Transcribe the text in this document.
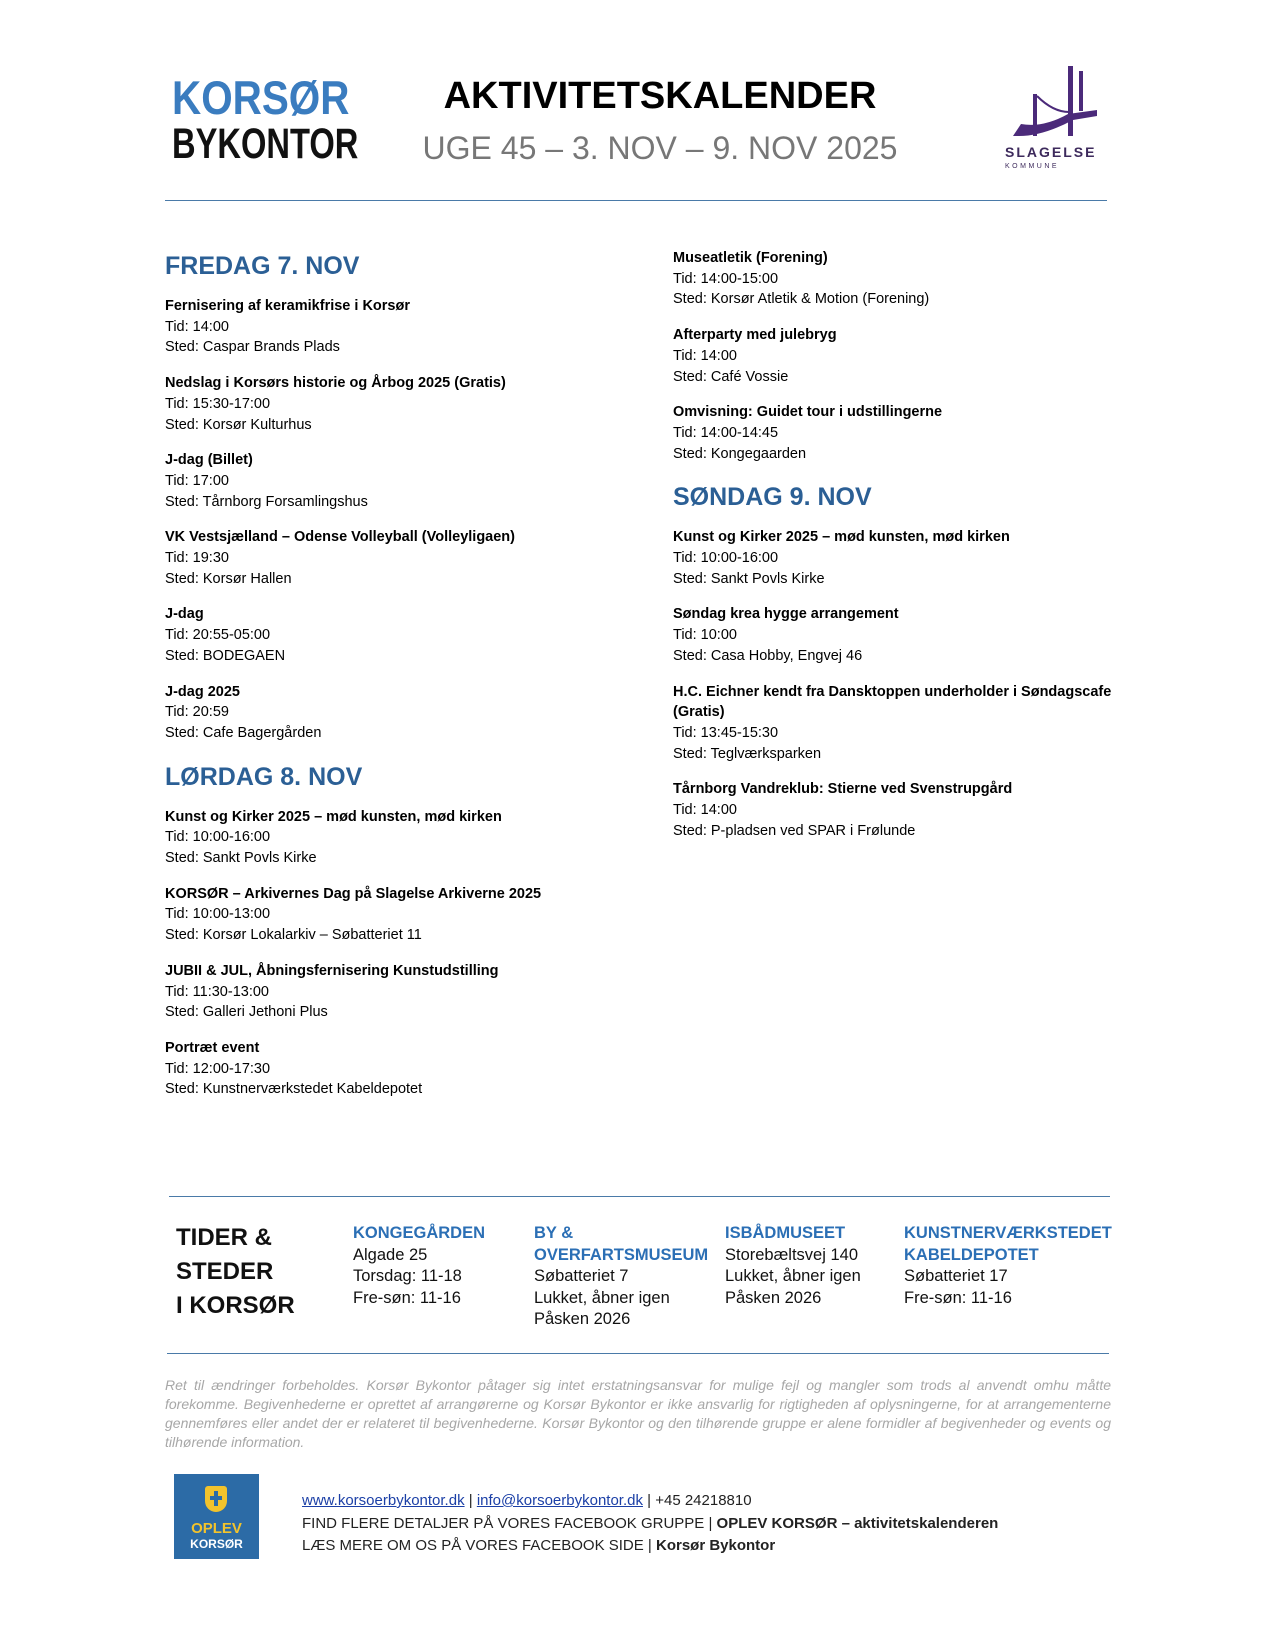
KORSØR
BYKONTOR
AKTIVITETSKALENDER
UGE 45 – 3. NOV – 9. NOV 2025	SLAGELSE
KOMMUNE
FREDAG 7. NOV
Fernisering af keramikfrise i Korsør
Tid: 14:00
Sted: Caspar Brands Plads
Nedslag i Korsørs historie og Årbog 2025 (Gratis)
Tid: 15:30-17:00
Sted: Korsør Kulturhus
J-dag (Billet)
Tid: 17:00
Sted: Tårnborg Forsamlingshus
VK Vestsjælland – Odense Volleyball (Volleyligaen)
Tid: 19:30
Sted: Korsør Hallen
J-dag
Tid: 20:55-05:00
Sted: BODEGAEN
J-dag 2025
Tid: 20:59
Sted: Cafe Bagergården
LØRDAG 8. NOV
Kunst og Kirker 2025 – mød kunsten, mød kirken
Tid: 10:00-16:00
Sted: Sankt Povls Kirke
KORSØR – Arkivernes Dag på Slagelse Arkiverne 2025
Tid: 10:00-13:00
Sted: Korsør Lokalarkiv – Søbatteriet 11
JUBII & JUL, Åbningsfernisering Kunstudstilling
Tid: 11:30-13:00
Sted: Galleri Jethoni Plus
Portræt event
Tid: 12:00-17:30
Sted: Kunstnerværkstedet Kabeldepotet
Museatletik (Forening)
Tid: 14:00-15:00
Sted: Korsør Atletik & Motion (Forening)
Afterparty med julebryg
Tid: 14:00
Sted: Café Vossie
Omvisning: Guidet tour i udstillingerne
Tid: 14:00-14:45
Sted: Kongegaarden
SØNDAG 9. NOV
Kunst og Kirker 2025 – mød kunsten, mød kirken
Tid: 10:00-16:00
Sted: Sankt Povls Kirke
Søndag krea hygge arrangement
Tid: 10:00
Sted: Casa Hobby, Engvej 46
H.C. Eichner kendt fra Dansktoppen underholder i Søndagscafe (Gratis)
Tid: 13:45-15:30
Sted: Teglværksparken
Tårnborg Vandreklub: Stierne ved Svenstrupgård
Tid: 14:00
Sted: P-pladsen ved SPAR i Frølunde
TIDER &
STEDER
I KORSØR
KONGEGÅRDEN
Algade 25
Torsdag: 11-18
Fre-søn: 11-16
BY &
OVERFARTSMUSEUM
Søbatteriet 7
Lukket, åbner igen
Påsken 2026
ISBÅDMUSEET
Storebæltsvej 140
Lukket, åbner igen
Påsken 2026
KUNSTNERVÆRKSTEDET
KABELDEPOTET
Søbatteriet 17
Fre-søn: 11-16
Ret til ændringer forbeholdes. Korsør Bykontor påtager sig intet erstatningsansvar for mulige fejl og mangler som trods al anvendt omhu måtte forekomme. Begivenhederne er oprettet af arrangørerne og Korsør Bykontor er ikke ansvarlig for rigtigheden af oplysningerne, for at arrangementerne gennemføres eller andet der er relateret til begivenhederne. Korsør Bykontor og den tilhørende gruppe er alene formidler af begivenheder og events og tilhørende information.
OPLEV
KORSØR
www.korsoerbykontor.dk | info@korsoerbykontor.dk | +45 24218810
FIND FLERE DETALJER PÅ VORES FACEBOOK GRUPPE | OPLEV KORSØR – aktivitetskalenderen
LÆS MERE OM OS PÅ VORES FACEBOOK SIDE | Korsør Bykontor
